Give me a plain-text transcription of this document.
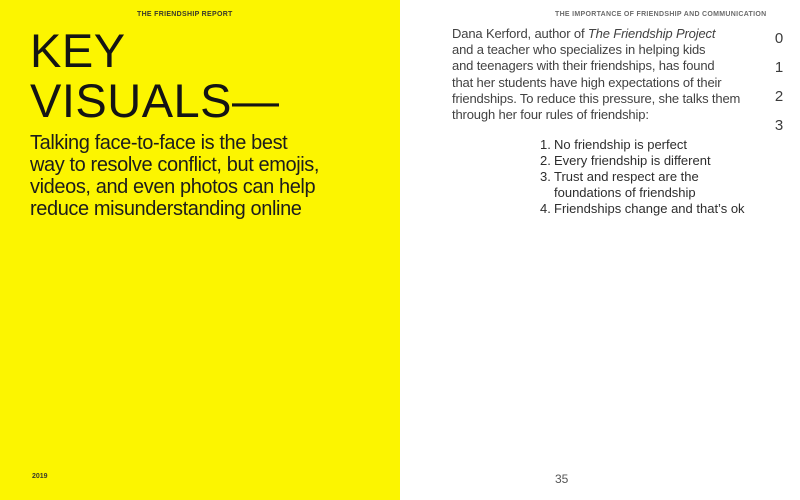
THE FRIENDSHIP REPORT
KEY
VISUALS—

Talking face-to-face is the best
way to resolve conflict, but emojis,
videos, and even photos can help
reduce misunderstanding online

2019
THE IMPORTANCE OF FRIENDSHIP AND COMMUNICATION
Dana Kerford, author of The Friendship Project
and a teacher who specializes in helping kids
and teenagers with their friendships, has found
that her students have high expectations of their
friendships. To reduce this pressure, she talks them
through her four rules of friendship:
1. No friendship is perfect
2. Every friendship is different
3. Trust and respect are the
foundations of friendship
4. Friendships change and that’s ok
0
1
2
3
35
